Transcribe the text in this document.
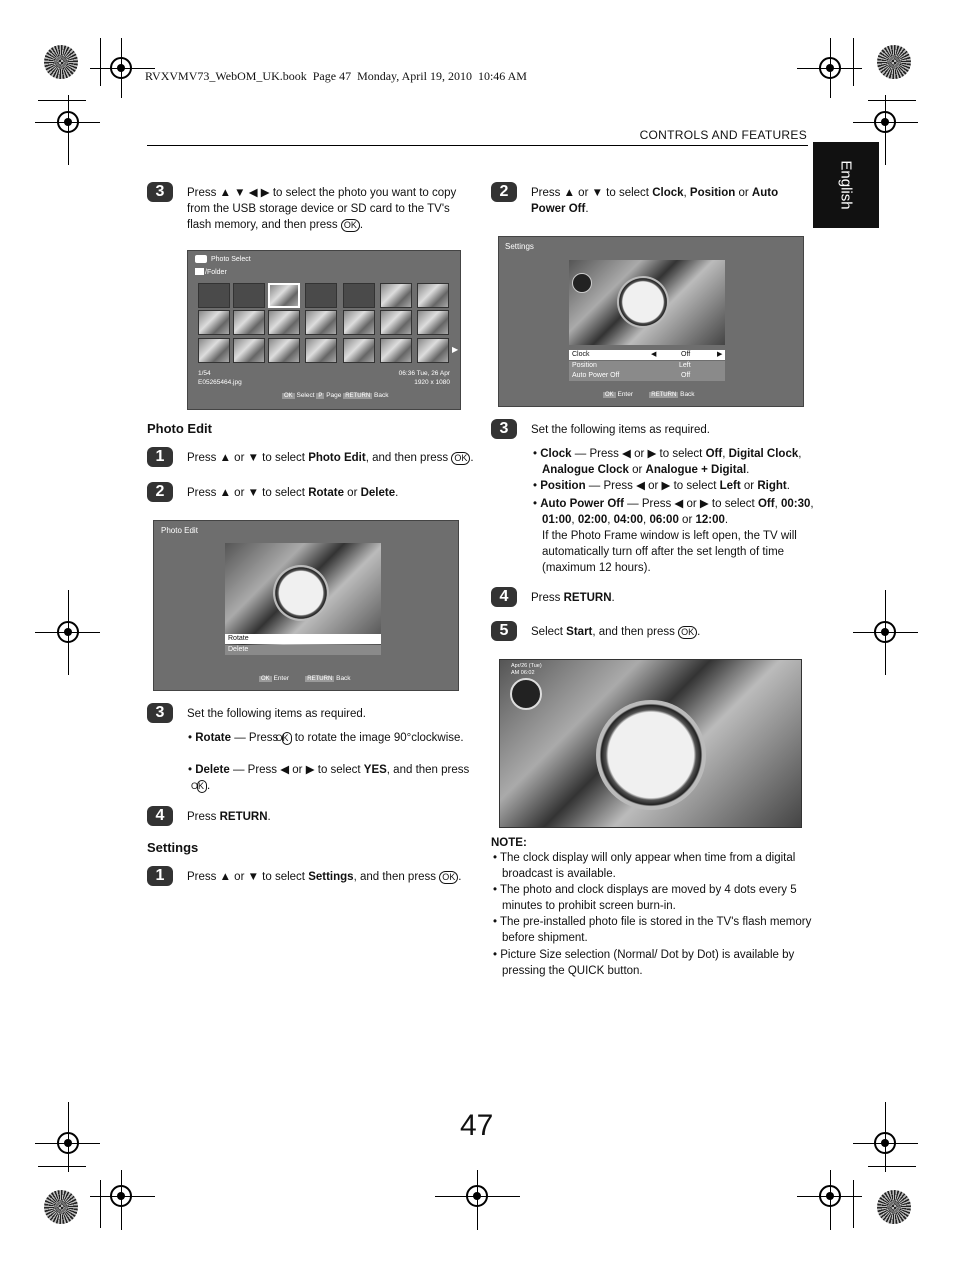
RVXVMV73_WebOM_UK.book  Page 47  Monday, April 19, 2010  10:46 AM
CONTROLS AND FEATURES
English
3	Press ▲ ▼ ◀ ▶ to select the photo you want to copy from the USB storage device or SD card to the TV's flash memory, and then press OK .
Photo Select
/Folder
▶
1/54
E05265464.jpg
06:36 Tue, 26 Apr
1920 x 1080
OK Select P Page RETURN Back
Photo Edit
1	Press ▲ or ▼ to select Photo Edit, and then press OK .
2	Press ▲ or ▼ to select Rotate or Delete.
Photo Edit
Rotate
Delete
OK Enter	RETURN Back
3	Set the following items as required.
• Rotate — Press OK to rotate the image 90°clockwise.
• Delete — Press ◀ or ▶ to select YES, and then press OK .
4	Press RETURN.
Settings
1	Press ▲ or ▼ to select Settings, and then press OK .
2	Press ▲ or ▼ to select Clock, Position or Auto Power Off.
Settings
Clock	◀	Off	▶
Position	Left
Auto Power Off	Off
OK Enter	RETURN Back
3	Set the following items as required.
• Clock — Press ◀ or ▶ to select Off, Digital Clock, Analogue Clock or Analogue + Digital.
• Position — Press ◀ or ▶ to select Left or Right.
• Auto Power Off — Press ◀ or ▶ to select Off, 00:30, 01:00, 02:00, 04:00, 06:00 or 12:00.
If the Photo Frame window is left open, the TV will automatically turn off after the set length of time (maximum 12 hours).
4	Press RETURN.
5	Select Start, and then press OK .
Apr/26 (Tue)
AM 06:02
NOTE:
• The clock display will only appear when time from a digital broadcast is available.
• The photo and clock displays are moved by 4 dots every 5 minutes to prohibit screen burn-in.
• The pre-installed photo file is stored in the TV's flash memory before shipment.
• Picture Size selection (Normal/ Dot by Dot) is available by pressing the QUICK button.
47
